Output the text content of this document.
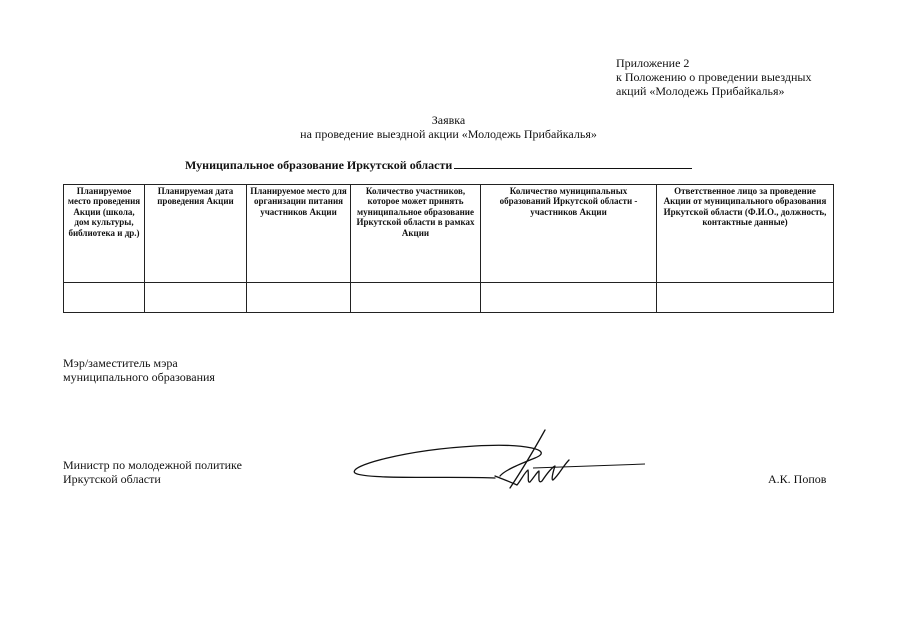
Приложение 2
к Положению о проведении выездных
акций «Молодежь Прибайкалья»
Заявка
на проведение выездной акции «Молодежь Прибайкалья»
Муниципальное образование Иркутской области
Планируемое место проведения Акции (школа, дом культуры, библиотека и др.)	Планируемая дата проведения Акции	Планируемое место для организации питания участников Акции	Количество участников, которое может принять муниципальное образование Иркутской области в рамках Акции	Количество муниципальных образований Иркутской области - участников Акции	Ответственное лицо за проведение Акции от муниципального образования Иркутской области (Ф.И.О., должность, контактные данные)

Мэр/заместитель мэра
муниципального образования
Министр по молодежной политике
Иркутской области	А.К. Попов
